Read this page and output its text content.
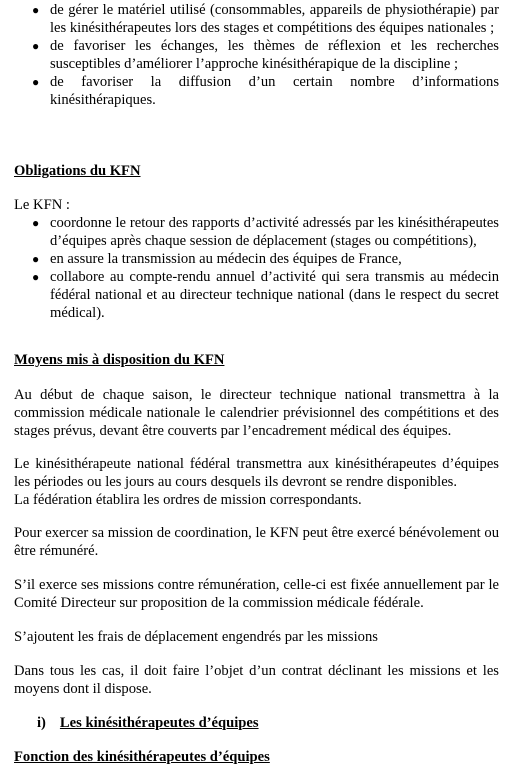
● de gérer le matériel utilisé (consommables, appareils de physiothérapie) par les kinésithérapeutes lors des stages et compétitions des équipes nationales ;
● de favoriser les échanges, les thèmes de réflexion et les recherches susceptibles d’améliorer l’approche kinésithérapique de la discipline ;
● de favoriser la diffusion d’un certain nombre d’informations kinésithérapiques.
Obligations du KFN
Le KFN :
● coordonne le retour des rapports d’activité adressés par les kinésithérapeutes d’équipes après chaque session de déplacement (stages ou compétitions),
● en assure la transmission au médecin des équipes de France,
● collabore au compte-rendu annuel d’activité qui sera transmis au médecin fédéral national et au directeur technique national (dans le respect du secret médical).
Moyens mis à disposition du KFN
Au début de chaque saison, le directeur technique national transmettra à la commission médicale nationale le calendrier prévisionnel des compétitions et des stages prévus, devant être couverts par l’encadrement médical des équipes.
Le kinésithérapeute national fédéral transmettra aux kinésithérapeutes d’équipes les périodes ou les jours au cours desquels ils devront se rendre disponibles.
La fédération établira les ordres de mission correspondants.
Pour exercer sa mission de coordination, le KFN peut être exercé bénévolement ou être rémunéré.
S’il exerce ses missions contre rémunération, celle-ci est fixée annuellement par le Comité Directeur sur proposition de la commission médicale fédérale.
S’ajoutent les frais de déplacement engendrés par les missions
Dans tous les cas, il doit faire l’objet d’un contrat déclinant les missions et les moyens dont il dispose.
i) Les kinésithérapeutes d’équipes
Fonction des kinésithérapeutes d’équipes
